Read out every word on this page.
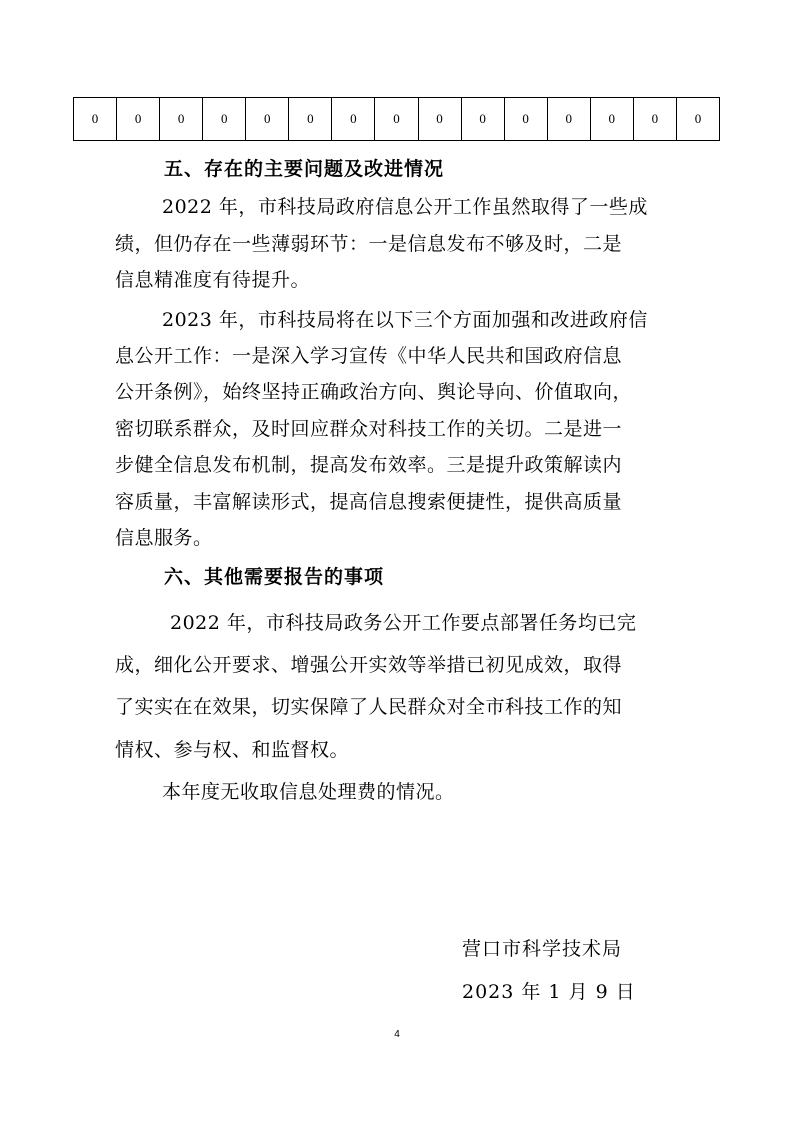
0	0	0	0	0	0	0	0	0	0	0	0	0	0	0
五、存在的主要问题及改进情况
2022 年，市科技局政府信息公开工作虽然取得了一些成
绩，但仍存在一些薄弱环节：一是信息发布不够及时，二是
信息精准度有待提升。
2023 年，市科技局将在以下三个方面加强和改进政府信
息公开工作：一是深入学习宣传《中华人民共和国政府信息
公开条例》，始终坚持正确政治方向、舆论导向、价值取向，
密切联系群众，及时回应群众对科技工作的关切。二是进一
步健全信息发布机制，提高发布效率。三是提升政策解读内
容质量，丰富解读形式，提高信息搜索便捷性，提供高质量
信息服务。
六、其他需要报告的事项
2022 年，市科技局政务公开工作要点部署任务均已完
成，细化公开要求、增强公开实效等举措已初见成效，取得
了实实在在效果，切实保障了人民群众对全市科技工作的知
情权、参与权、和监督权。
本年度无收取信息处理费的情况。
营口市科学技术局
2023 年 1 月 9 日
4
